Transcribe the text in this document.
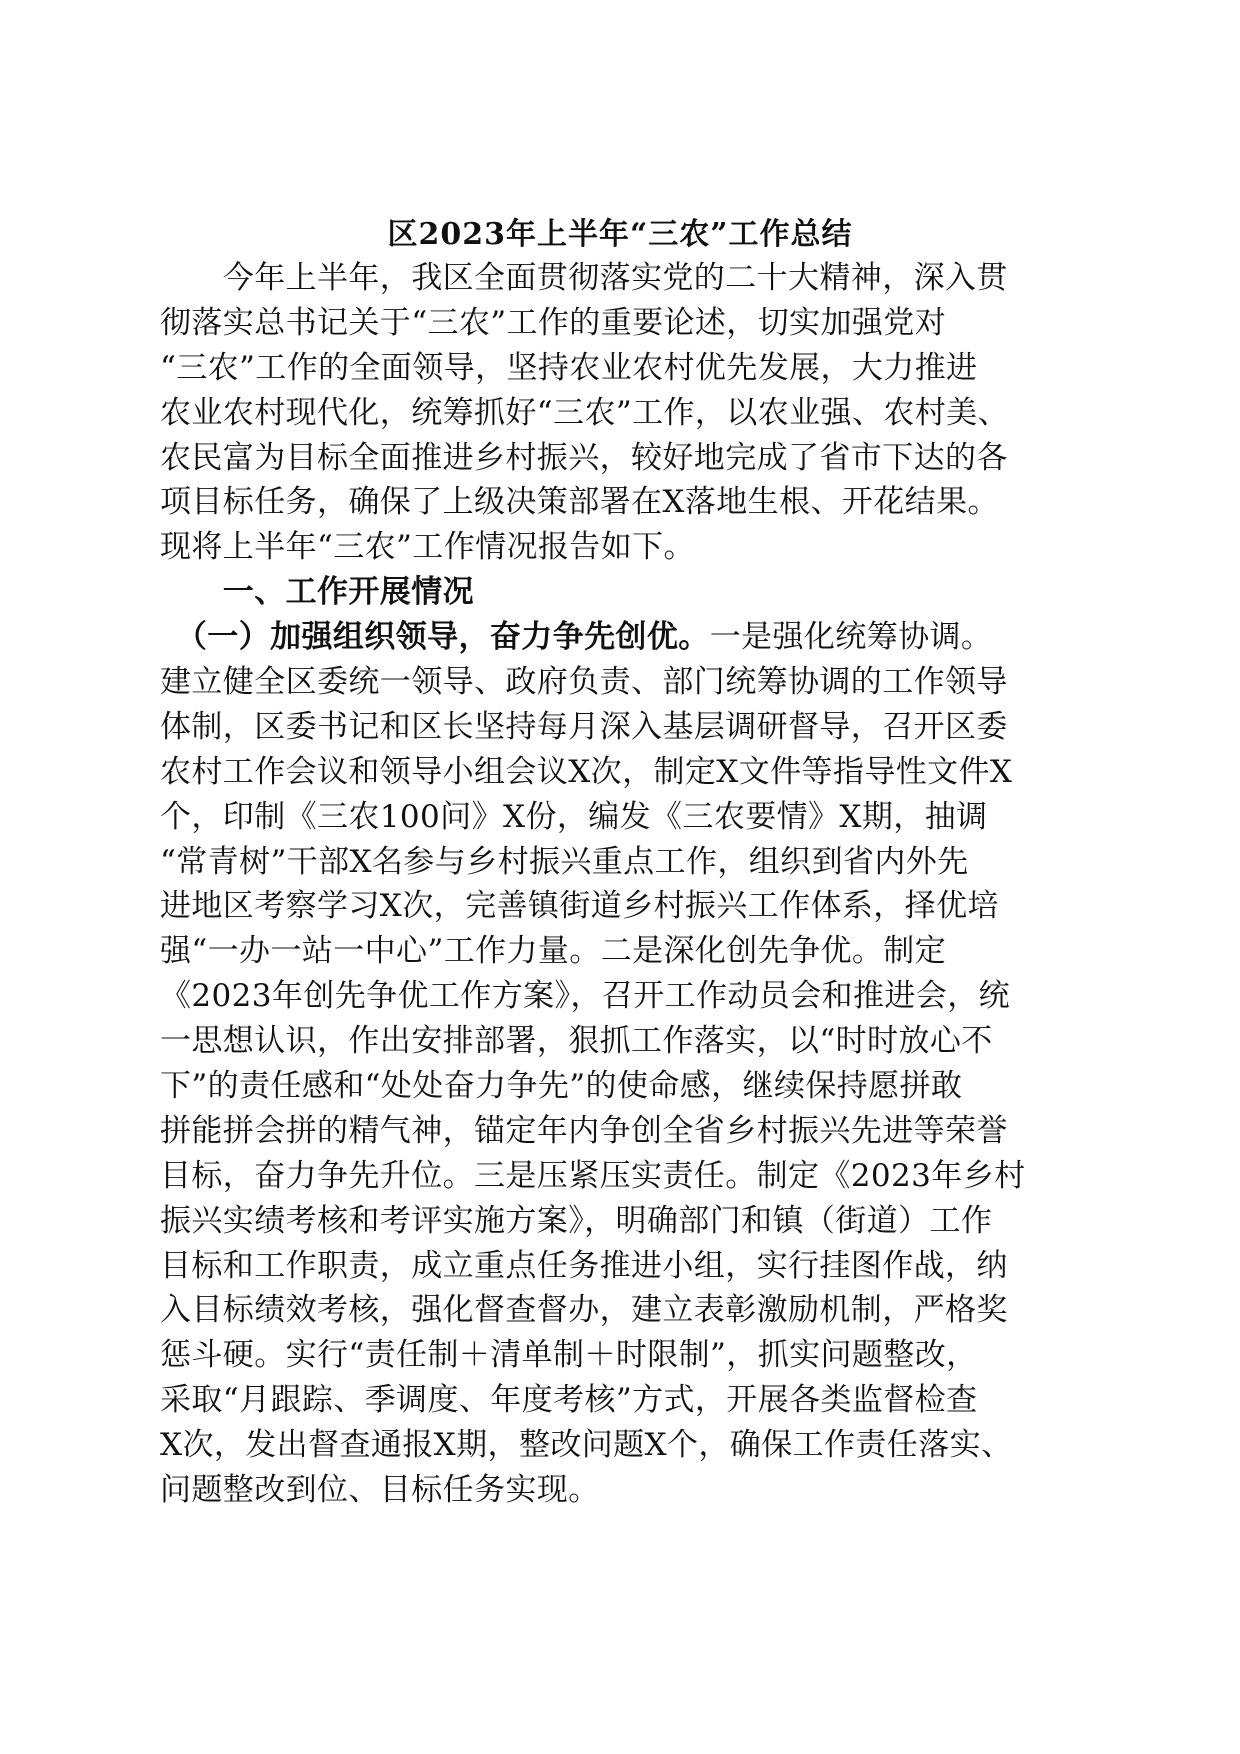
区2023年上半年“三农”工作总结
　　今年上半年，我区全面贯彻落实党的二十大精神，深入贯
彻落实总书记关于“三农”工作的重要论述，切实加强党对
“三农”工作的全面领导，坚持农业农村优先发展，大力推进
农业农村现代化，统筹抓好“三农”工作，以农业强、农村美、
农民富为目标全面推进乡村振兴，较好地完成了省市下达的各
项目标任务，确保了上级决策部署在X落地生根、开花结果。
现将上半年“三农”工作情况报告如下。
　　一、工作开展情况
　（一）加强组织领导，奋力争先创优。一是强化统筹协调。
建立健全区委统一领导、政府负责、部门统筹协调的工作领导
体制，区委书记和区长坚持每月深入基层调研督导，召开区委
农村工作会议和领导小组会议X次，制定X文件等指导性文件X
个，印制《三农100问》X份，编发《三农要情》X期，抽调
“常青树”干部X名参与乡村振兴重点工作，组织到省内外先
进地区考察学习X次，完善镇街道乡村振兴工作体系，择优培
强“一办一站一中心”工作力量。二是深化创先争优。制定
《2023年创先争优工作方案》，召开工作动员会和推进会，统
一思想认识，作出安排部署，狠抓工作落实，以“时时放心不
下”的责任感和“处处奋力争先”的使命感，继续保持愿拼敢
拼能拼会拼的精气神，锚定年内争创全省乡村振兴先进等荣誉
目标，奋力争先升位。三是压紧压实责任。制定《2023年乡村
振兴实绩考核和考评实施方案》，明确部门和镇（街道）工作
目标和工作职责，成立重点任务推进小组，实行挂图作战，纳
入目标绩效考核，强化督查督办，建立表彰激励机制，严格奖
惩斗硬。实行“责任制＋清单制＋时限制”，抓实问题整改，
采取“月跟踪、季调度、年度考核”方式，开展各类监督检查
X次，发出督查通报X期，整改问题X个，确保工作责任落实、
问题整改到位、目标任务实现。
